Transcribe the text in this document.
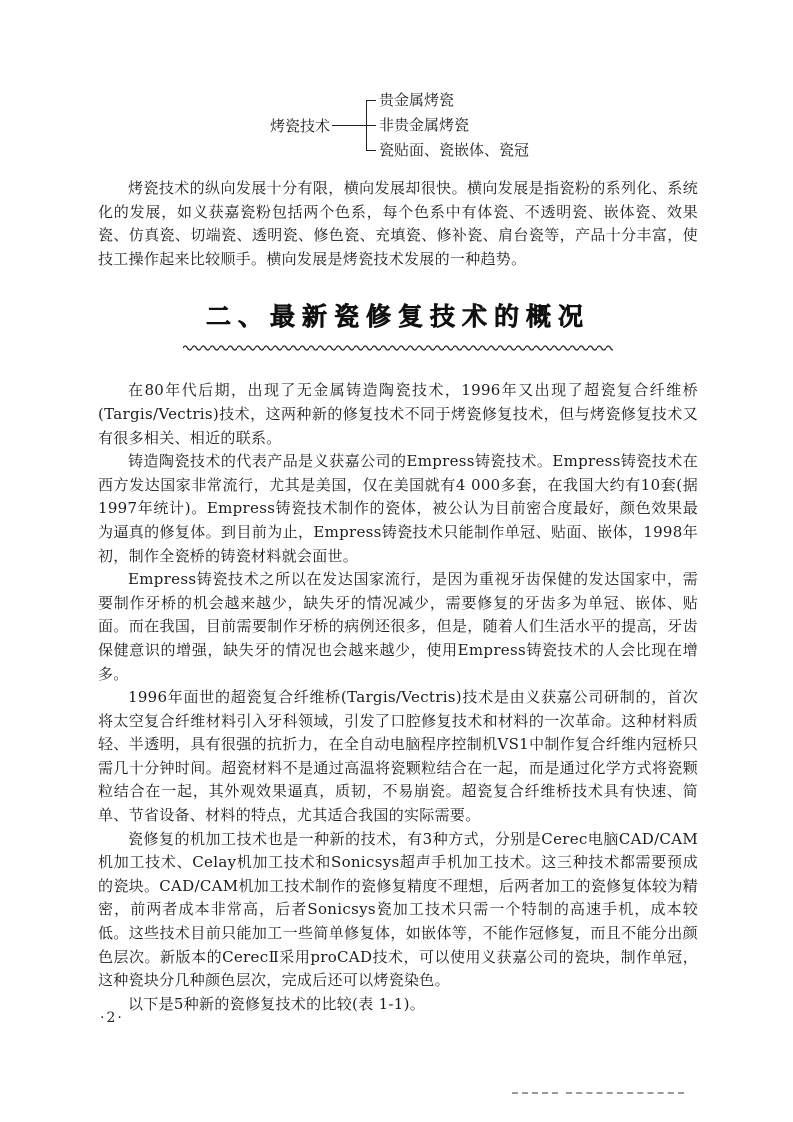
烤瓷技术
贵金属烤瓷
非贵金属烤瓷
瓷贴面、瓷嵌体、瓷冠

烤瓷技术的纵向发展十分有限，横向发展却很快。横向发展是指瓷粉的系列化、系统化的发展，如义获嘉瓷粉包括两个色系，每个色系中有体瓷、不透明瓷、嵌体瓷、效果瓷、仿真瓷、切端瓷、透明瓷、修色瓷、充填瓷、修补瓷、肩台瓷等，产品十分丰富，使技工操作起来比较顺手。横向发展是烤瓷技术发展的一种趋势。

二、最新瓷修复技术的概况

在80年代后期，出现了无金属铸造陶瓷技术，1996年又出现了超瓷复合纤维桥(Targis/Vectris)技术，这两种新的修复技术不同于烤瓷修复技术，但与烤瓷修复技术又有很多相关、相近的联系。

铸造陶瓷技术的代表产品是义获嘉公司的Empress铸瓷技术。Empress铸瓷技术在西方发达国家非常流行，尤其是美国，仅在美国就有4 000多套，在我国大约有10套(据1997年统计)。Empress铸瓷技术制作的瓷体，被公认为目前密合度最好，颜色效果最为逼真的修复体。到目前为止，Empress铸瓷技术只能制作单冠、贴面、嵌体，1998年初，制作全瓷桥的铸瓷材料就会面世。

Empress铸瓷技术之所以在发达国家流行，是因为重视牙齿保健的发达国家中，需要制作牙桥的机会越来越少，缺失牙的情况减少，需要修复的牙齿多为单冠、嵌体、贴面。而在我国，目前需要制作牙桥的病例还很多，但是，随着人们生活水平的提高，牙齿保健意识的增强，缺失牙的情况也会越来越少，使用Empress铸瓷技术的人会比现在增多。

1996年面世的超瓷复合纤维桥(Targis/Vectris)技术是由义获嘉公司研制的，首次将太空复合纤维材料引入牙科领域，引发了口腔修复技术和材料的一次革命。这种材料质轻、半透明，具有很强的抗折力，在全自动电脑程序控制机VS1中制作复合纤维内冠桥只需几十分钟时间。超瓷材料不是通过高温将瓷颗粒结合在一起，而是通过化学方式将瓷颗粒结合在一起，其外观效果逼真，质韧，不易崩瓷。超瓷复合纤维桥技术具有快速、简单、节省设备、材料的特点，尤其适合我国的实际需要。

瓷修复的机加工技术也是一种新的技术，有3种方式，分别是Cerec电脑CAD/CAM机加工技术、Celay机加工技术和Sonicsys超声手机加工技术。这三种技术都需要预成的瓷块。CAD/CAM机加工技术制作的瓷修复精度不理想，后两者加工的瓷修复体较为精密，前两者成本非常高，后者Sonicsys瓷加工技术只需一个特制的高速手机，成本较低。这些技术目前只能加工一些简单修复体，如嵌体等，不能作冠修复，而且不能分出颜色层次。新版本的CerecⅡ采用proCAD技术，可以使用义获嘉公司的瓷块，制作单冠，这种瓷块分几种颜色层次，完成后还可以烤瓷染色。

以下是5种新的瓷修复技术的比较(表 1-1)。

·2·
